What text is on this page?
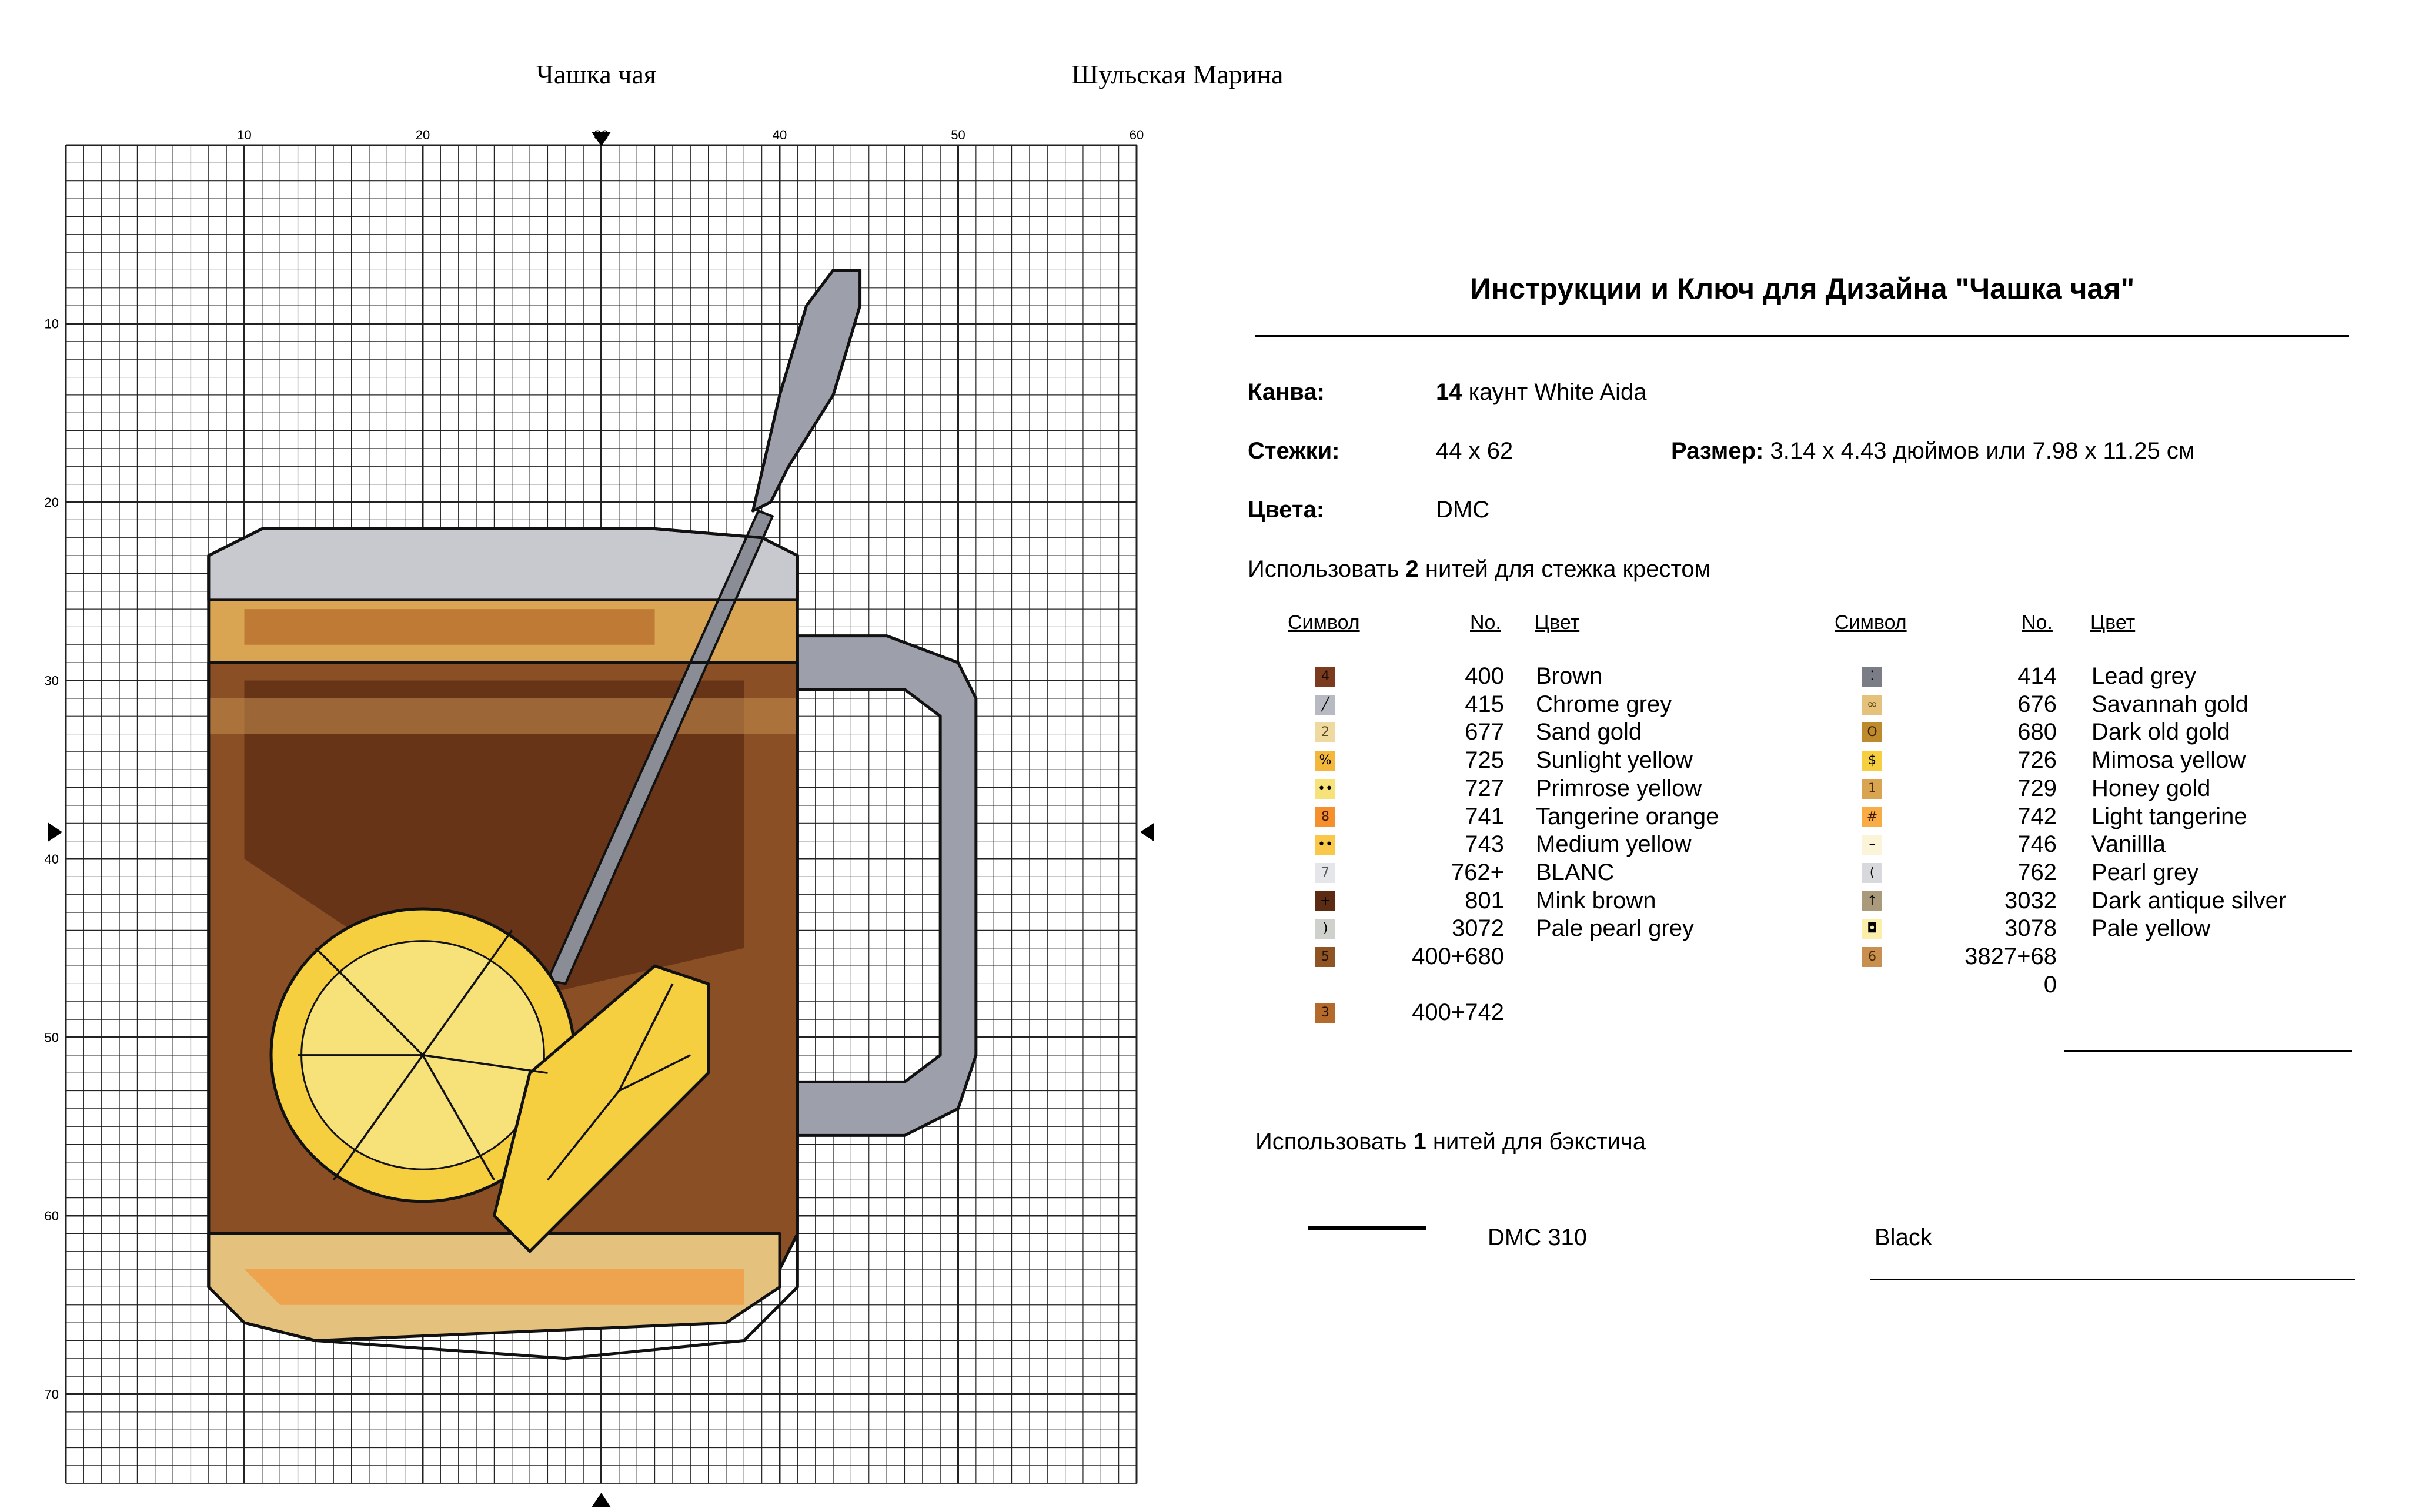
Чашка чая	Шульская Марина
10	20	40	50	60
10
20
30
40
50
60
70
Инструкции и Ключ для Дизайна "Чашка чая"
Канва:	14 каунт White Aida
Стежки:	44 x 62	Размер: 3.14 x 4.43 дюймов или 7.98 x 11.25 см
Цвета:	DMC
Использовать 2 нитей для стежка крестом
Символ	No. Цвет	Символ	No. Цвет
4	400 Brown
╱	415 Chrome grey
2	677 Sand gold
%	725 Sunlight yellow
••	727 Primrose yellow
8	741 Tangerine orange
••	743 Medium yellow
7	762+ BLANC
+	801 Mink brown
)	3072 Pale pearl grey
5	400+680
3	400+742
⁚	414 Lead grey
∞	676 Savannah gold
O	680 Dark old gold
$	726 Mimosa yellow
1	729 Honey gold
#	742 Light tangerine
–	746 Vanillla
(	762 Pearl grey
↑	3032 Dark antique silver
◘	3078 Pale yellow
6	3827+68
0
Использовать 1 нитей для бэкстича
DMC 310	Black
